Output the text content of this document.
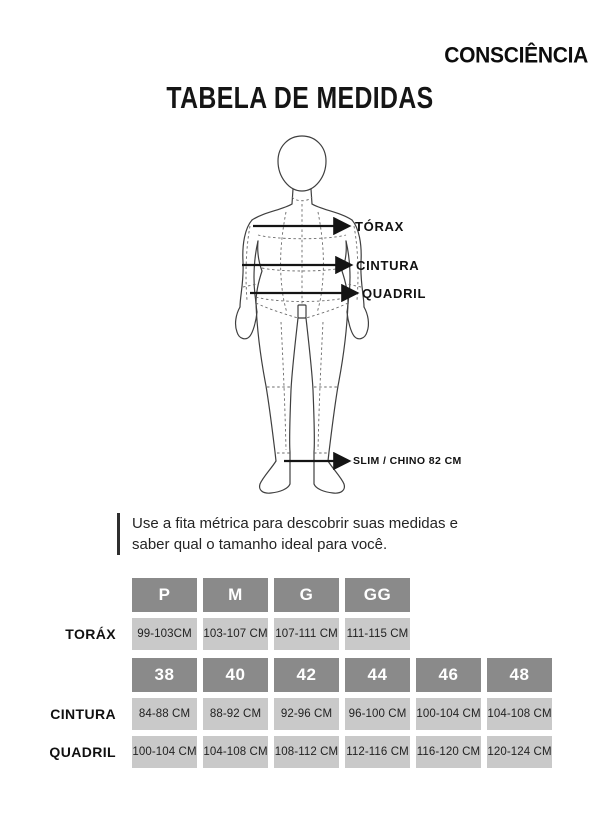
CONSCIÊNCIA
TABELA DE MEDIDAS
TÓRAX
CINTURA
QUADRIL
SLIM / CHINO 82 CM
Use a fita métrica para descobrir suas medidas e
saber qual o tamanho ideal para você.
P	M	G	GG
TORÁX	99-103CM	103-107 CM 107-111 CM 111-115 CM
38	40	42	44	46	48
CINTURA	84-88 CM	88-92 CM	92-96 CM	96-100 CM 100-104 CM 104-108 CM
QUADRIL	100-104 CM 104-108 CM 108-112 CM 112-116 CM 116-120 CM 120-124 CM
